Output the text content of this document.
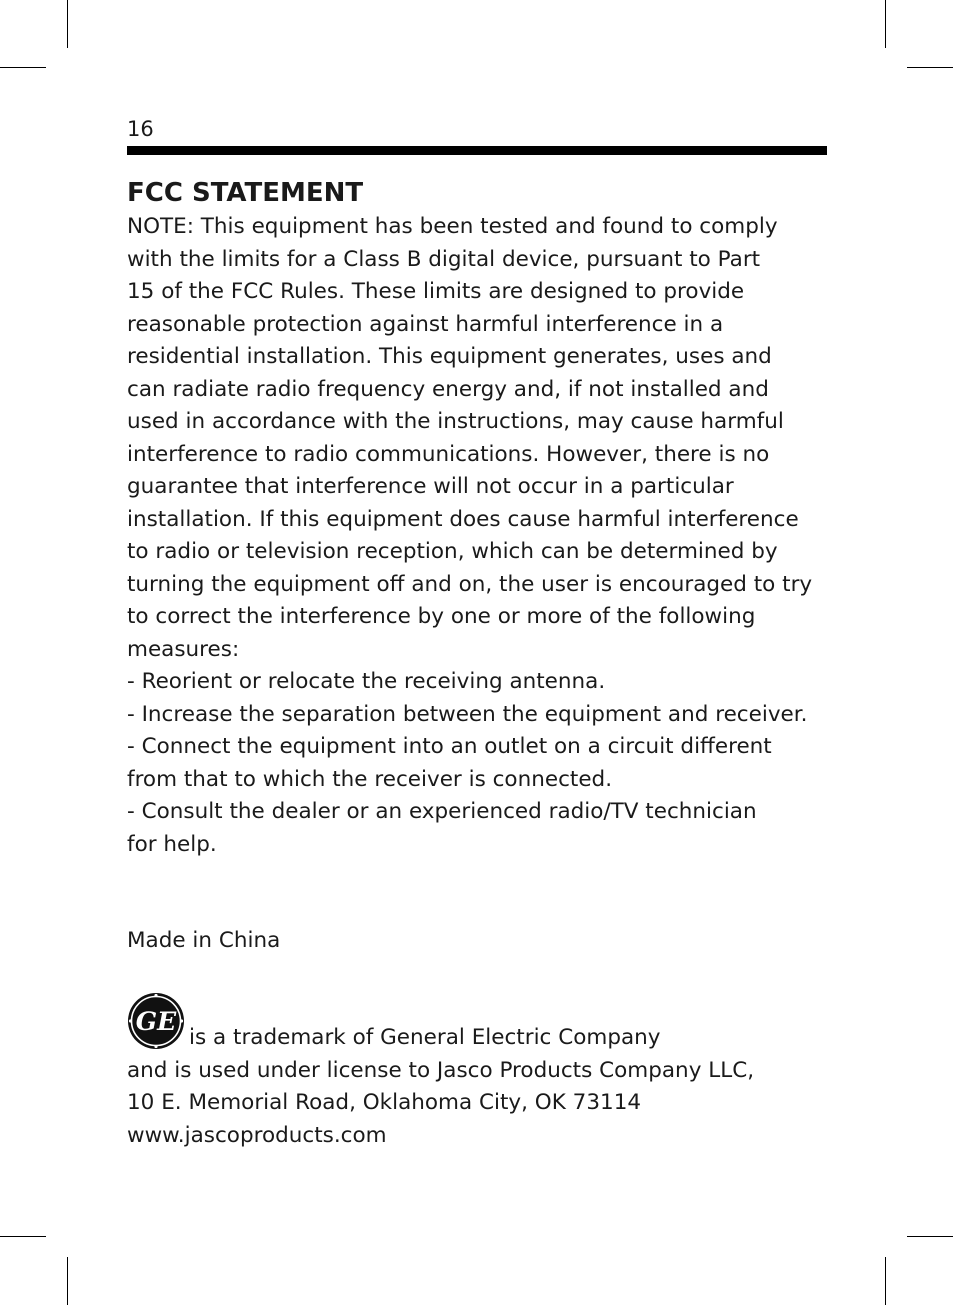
16
FCC STATEMENT
NOTE: This equipment has been tested and found to comply
with the limits for a Class B digital device, pursuant to Part
15 of the FCC Rules. These limits are designed to provide
reasonable protection against harmful interference in a
residential installation. This equipment generates, uses and
can radiate radio frequency energy and, if not installed and
used in accordance with the instructions, may cause harmful
interference to radio communications. However, there is no
guarantee that interference will not occur in a particular
installation. If this equipment does cause harmful interference
to radio or television reception, which can be determined by
turning the equipment off and on, the user is encouraged to try
to correct the interference by one or more of the following
measures:
- Reorient or relocate the receiving antenna.
- Increase the separation between the equipment and receiver.
- Connect the equipment into an outlet on a circuit different
from that to which the receiver is connected.
- Consult the dealer or an experienced radio/TV technician
for help.
Made in China
GE
is a trademark of General Electric Company
and is used under license to Jasco Products Company LLC,
10 E. Memorial Road, Oklahoma City, OK 73114
www.jascoproducts.com
